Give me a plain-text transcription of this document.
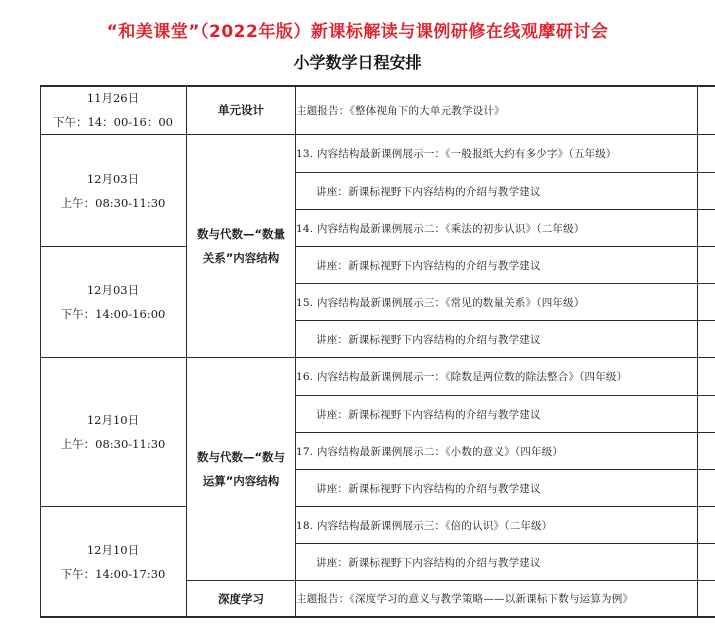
“和美课堂”（2022年版）新课标解读与课例研修在线观摩研讨会
小学数学日程安排
11月26日
下午：14：00-16：00
12月03日
上午：08:30-11:30
12月03日
下午：14:00-16:00
12月10日
上午：08:30-11:30
12月10日
下午：14:00-17:30
单元设计
数与代数—“数量
关系”内容结构
数与代数—“数与
运算”内容结构
深度学习
主题报告：《整体视角下的大单元教学设计》
13. 内容结构最新课例展示一：《一般报纸大约有多少字》（五年级）
讲座：新课标视野下内容结构的介绍与教学建议
14. 内容结构最新课例展示二：《乘法的初步认识》（二年级）
讲座：新课标视野下内容结构的介绍与教学建议
15. 内容结构最新课例展示三：《常见的数量关系》（四年级）
讲座：新课标视野下内容结构的介绍与教学建议
16. 内容结构最新课例展示一：《除数是两位数的除法整合》（四年级）
讲座：新课标视野下内容结构的介绍与教学建议
17. 内容结构最新课例展示二：《小数的意义》（四年级）
讲座：新课标视野下内容结构的介绍与教学建议
18. 内容结构最新课例展示三：《倍的认识》（二年级）
讲座：新课标视野下内容结构的介绍与教学建议
主题报告：《深度学习的意义与教学策略——以新课标下数与运算为例》
